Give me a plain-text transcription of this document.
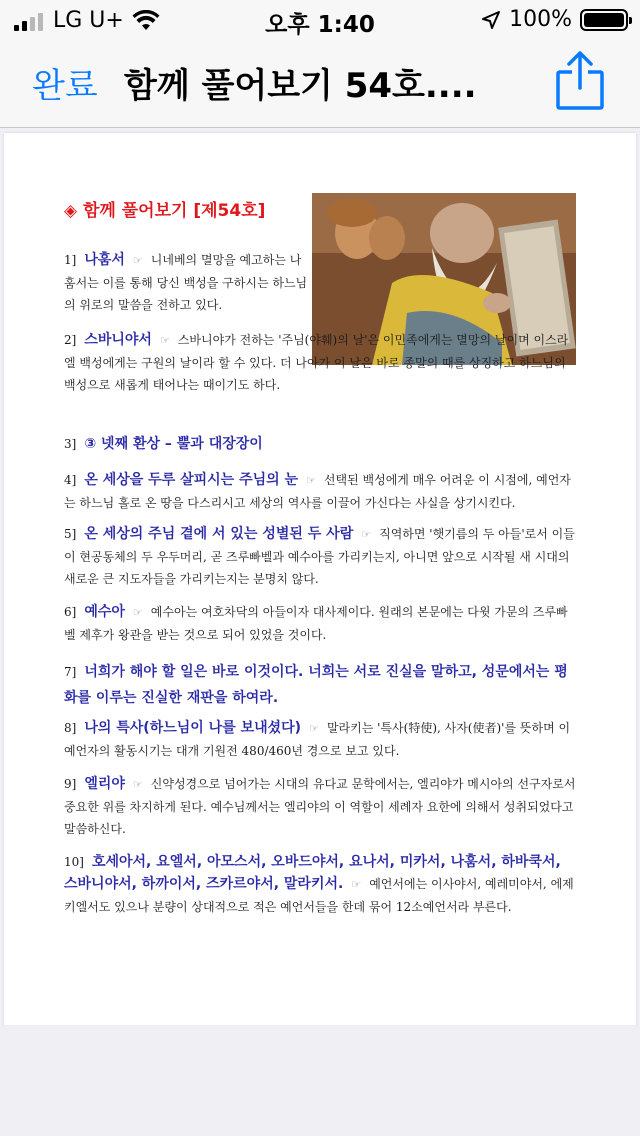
LG U+	오후 1:40	100%
완료 함께 풀어보기 54호....
◈ 함께 풀어보기 [제54호]
1] 나훔서 ☞ 니네베의 멸망을 예고하는 나훔서는 이를 통해 당신 백성을 구하시는 하느님의 위로의 말씀을 전하고 있다.
2] 스바니야서 ☞ 스바니야가 전하는 '주님(야훼)의 날'은 이민족에게는 멸망의 날이며 이스라엘 백성에게는 구원의 날이라 할 수 있다. 더 나아가 이 날은 바로 종말의 때를 상징하고 하느님의 백성으로 새롭게 태어나는 때이기도 하다.
3] ③ 넷째 환상 – 뿔과 대장장이
4] 온 세상을 두루 살피시는 주님의 눈 ☞ 선택된 백성에게 매우 어려운 이 시점에, 예언자는 하느님 홀로 온 땅을 다스리시고 세상의 역사를 이끌어 가신다는 사실을 상기시킨다.
5] 온 세상의 주님 곁에 서 있는 성별된 두 사람 ☞ 직역하면 '햇기름의 두 아들'로서 이들이 현공동체의 두 우두머리, 곧 즈루빠벨과 예수아를 가리키는지, 아니면 앞으로 시작될 새 시대의 새로운 큰 지도자들을 가리키는지는 분명치 않다.
6] 예수아 ☞ 예수아는 여호차닥의 아들이자 대사제이다. 원래의 본문에는 다윗 가문의 즈루빠벨 제후가 왕관을 받는 것으로 되어 있었을 것이다.
7] 너희가 해야 할 일은 바로 이것이다. 너희는 서로 진실을 말하고, 성문에서는 평화를 이루는 진실한 재판을 하여라.
8] 나의 특사(하느님이 나를 보내셨다) ☞ 말라키는 '특사(特使), 사자(使者)'를 뜻하며 이 예언자의 활동시기는 대개 기원전 480/460년 경으로 보고 있다.
9] 엘리야 ☞ 신약성경으로 넘어가는 시대의 유다교 문학에서는, 엘리야가 메시아의 선구자로서 중요한 위를 차지하게 된다. 예수님께서는 엘리야의 이 역할이 세례자 요한에 의해서 성취되었다고 말씀하신다.
10] 호세아서, 요엘서, 아모스서, 오바드야서, 요나서, 미카서, 나훔서, 하바쿡서, 스바니야서, 하까이서, 즈카르야서, 말라키서. ☞ 예언서에는 이사야서, 예레미야서, 에제키엘서도 있으나 분량이 상대적으로 적은 예언서들을 한데 묶어 12소예언서라 부른다.
